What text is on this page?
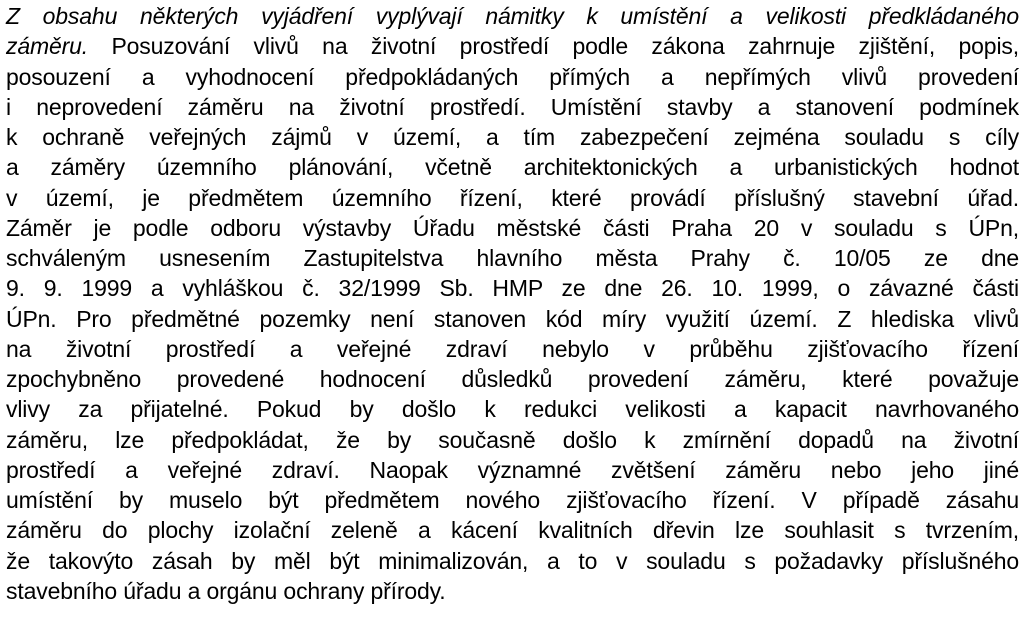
Z obsahu některých vyjádření vyplývají námitky k umístění a velikosti předkládaného
záměru. Posuzování vlivů na životní prostředí podle zákona zahrnuje zjištění, popis,
posouzení a vyhodnocení předpokládaných přímých a nepřímých vlivů provedení
i neprovedení záměru na životní prostředí. Umístění stavby a stanovení podmínek
k ochraně veřejných zájmů v území, a tím zabezpečení zejména souladu s cíly
a záměry územního plánování, včetně architektonických a urbanistických hodnot
v území, je předmětem územního řízení, které provádí příslušný stavební úřad.
Záměr je podle odboru výstavby Úřadu městské části Praha 20 v souladu s ÚPn,
schváleným usnesením Zastupitelstva hlavního města Prahy č. 10/05 ze dne
9. 9. 1999 a vyhláškou č. 32/1999 Sb. HMP ze dne 26. 10. 1999, o závazné části
ÚPn. Pro předmětné pozemky není stanoven kód míry využití území. Z hlediska vlivů
na životní prostředí a veřejné zdraví nebylo v průběhu zjišťovacího řízení
zpochybněno provedené hodnocení důsledků provedení záměru, které považuje
vlivy za přijatelné. Pokud by došlo k redukci velikosti a kapacit navrhovaného
záměru, lze předpokládat, že by současně došlo k zmírnění dopadů na životní
prostředí a veřejné zdraví. Naopak významné zvětšení záměru nebo jeho jiné
umístění by muselo být předmětem nového zjišťovacího řízení. V případě zásahu
záměru do plochy izolační zeleně a kácení kvalitních dřevin lze souhlasit s tvrzením,
že takovýto zásah by měl být minimalizován, a to v souladu s požadavky příslušného
stavebního úřadu a orgánu ochrany přírody.
